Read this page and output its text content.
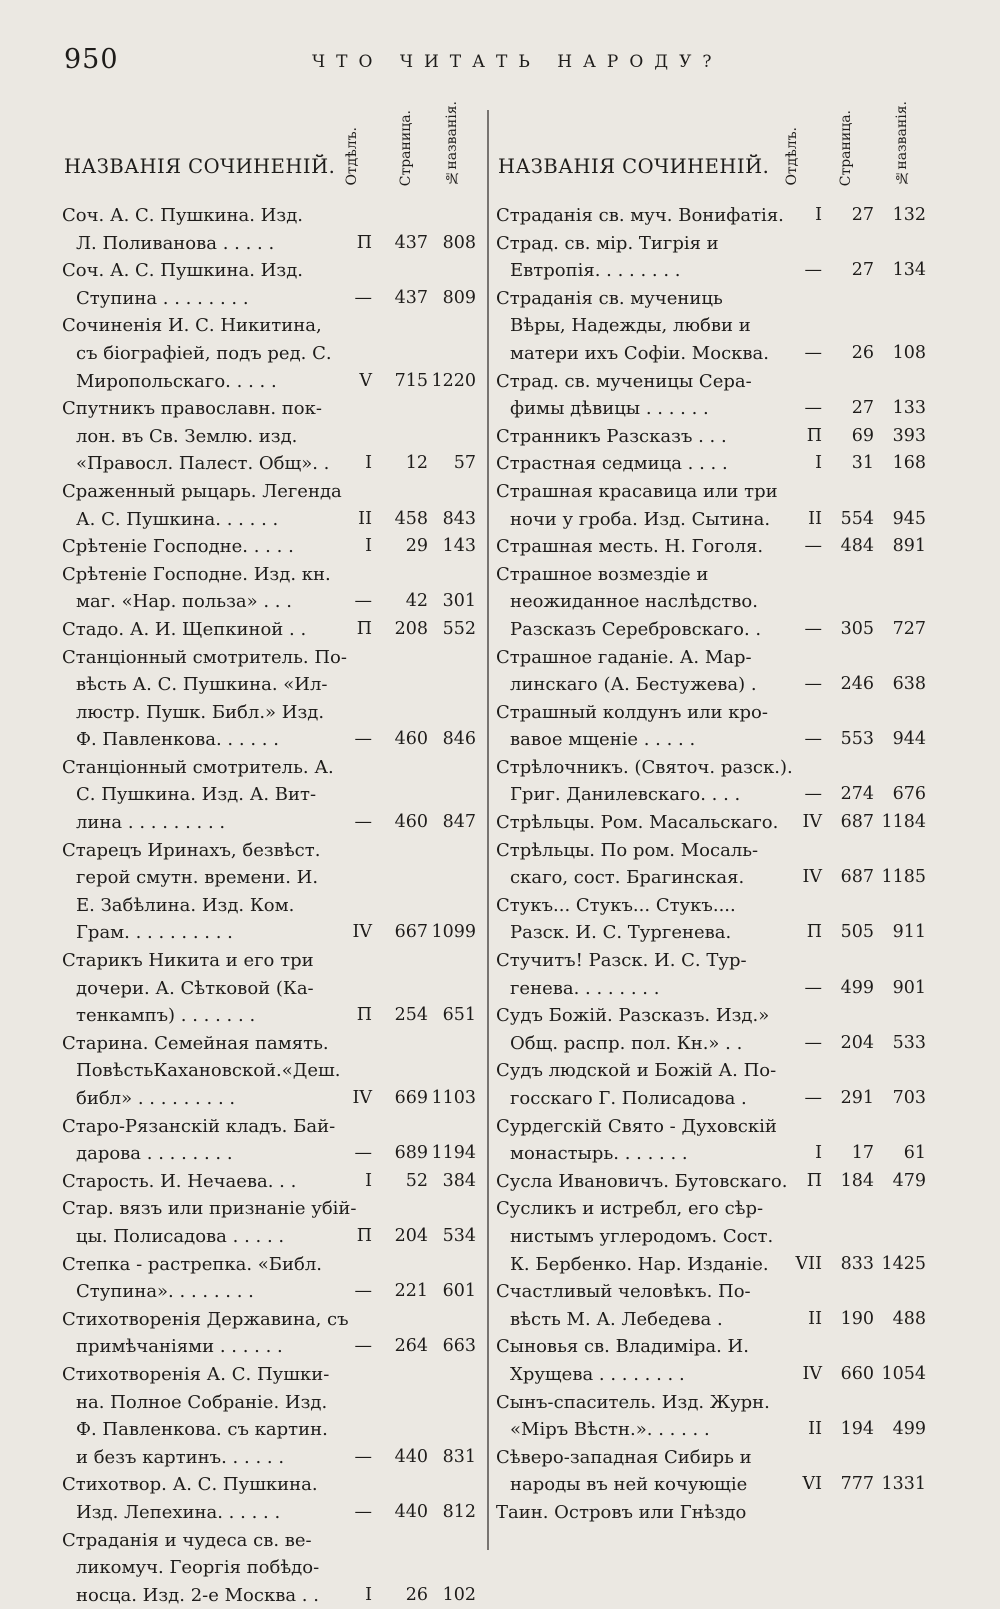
950	ЧТО ЧИТАТЬ НАРОДУ?
НАЗВАНІЯ СОЧИНЕНІЙ. Отдѣлъ.	Страница. №названія.
Соч. А. С. Пушкина. Изд.
Л. Поливанова . . . . .	П 437 808
Соч. А. С. Пушкина. Изд.
Ступина . . . . . . . .	— 437 809
Сочиненія И. С. Никитина,
съ біографіей, подъ ред. С.
Миропольскаго. . . . .	V 715 1220
Спутникъ православн. пок-
лон. въ Св. Землю. изд.
«Правосл. Палест. Общ». .	I 12 57
Сраженный рыцарь. Легенда
А. С. Пушкина. . . . . .	II 458 843
Срѣтеніе Господне. . . . .	I 29 143
Срѣтеніе Господне. Изд. кн.
маг. «Нар. польза» . . .	— 42 301
Стадо. А. И. Щепкиной . .	П 208 552
Станціонный смотритель. По-
вѣсть А. С. Пушкина. «Ил-
люстр. Пушк. Библ.» Изд.
Ф. Павленкова. . . . . .	— 460 846
Станціонный смотритель. А.
С. Пушкина. Изд. А. Вит-
лина . . . . . . . . .	— 460 847
Старецъ Иринахъ, безвѣст.
герой смутн. времени. И.
Е. Забѣлина. Изд. Ком.
Грам. . . . . . . . . .	IV 667 1099
Старикъ Никита и его три
дочери. А. Сѣтковой (Ка-
тенкампъ) . . . . . . .	П 254 651
Старина. Семейная память.
ПовѣстьКахановской.«Деш.
библ» . . . . . . . . .	IV 669 1103
Старо-Рязанскій кладъ. Бай-
дарова . . . . . . . .	— 689 1194
Старость. И. Нечаева. . .	I 52 384
Стар. вязъ или признаніе убій-
цы. Полисадова . . . . .	П 204 534
Степка - растрепка. «Библ.
Ступина». . . . . . . .	— 221 601
Стихотворенія Державина, съ
примѣчаніями . . . . . .	— 264 663
Стихотворенія А. С. Пушки-
на. Полное Собраніе. Изд.
Ф. Павленкова. съ картин.
и безъ картинъ. . . . . .	— 440 831
Стихотвор. А. С. Пушкина.
Изд. Лепехина. . . . . .	— 440 812
Страданія и чудеса св. ве-
ликомуч. Георгія побѣдо-
носца. Изд. 2-е Москва . .	I 26 102
НАЗВАНІЯ СОЧИНЕНІЙ. Отдѣлъ.	Страница.	№названія.
Страданія св. муч. Вонифатія.	I 27 132
Страд. св. мір. Тигрія и
Евтропія. . . . . . . .	— 27 134
Страданія св. мучениць
Вѣры, Надежды, любви и
матери ихъ Софіи. Москва.	— 26 108
Страд. св. мученицы Сера-
фимы дѣвицы . . . . . .	— 27 133
Странникъ Разсказъ . . .	П 69 393
Страстная седмица . . . .	I 31 168
Страшная красавица или три
ночи у гроба. Изд. Сытина.	II 554 945
Страшная месть. Н. Гоголя.	— 484 891
Страшное возмездіе и
неожиданное наслѣдство.
Разсказъ Серебровскаго. .	— 305 727
Страшное гаданіе. А. Мар-
линскаго (А. Бестужева) .	— 246 638
Страшный колдунъ или кро-
вавое мщеніе . . . . .	— 553 944
Стрѣлочникъ. (Святоч. разск.).
Григ. Данилевскаго. . . .	— 274 676
Стрѣльцы. Ром. Масальскаго.	IV 687 1184
Стрѣльцы. По ром. Мосаль-
скаго, сост. Брагинская.	IV 687 1185
Стукъ... Стукъ... Стукъ....
Разск. И. С. Тургенева.	П 505 911
Стучитъ! Разск. И. С. Тур-
генева. . . . . . . .	— 499 901
Судъ Божій. Разсказъ. Изд.»
Общ. распр. пол. Кн.» . .	— 204 533
Судъ людской и Божій А. По-
госскаго Г. Полисадова .	— 291 703
Сурдегскій Свято - Духовскій
монастырь. . . . . . .	I 17 61
Сусла Ивановичъ. Бутовскаго.	П 184 479
Сусликъ и истребл, его сѣр-
нистымъ углеродомъ. Сост.
К. Бербенко. Нар. Изданіе.	VII 833 1425
Счастливый человѣкъ. По-
вѣсть М. А. Лебедева .	II 190 488
Сыновья св. Владиміра. И.
Хрущева . . . . . . . .	IV 660 1054
Сынъ-спаситель. Изд. Журн.
«Міръ Вѣстн.». . . . . .	II 194 499
Сѣверо-западная Сибирь и
народы въ ней кочующіе	VI 777 1331
Таин. Островъ или Гнѣздо
